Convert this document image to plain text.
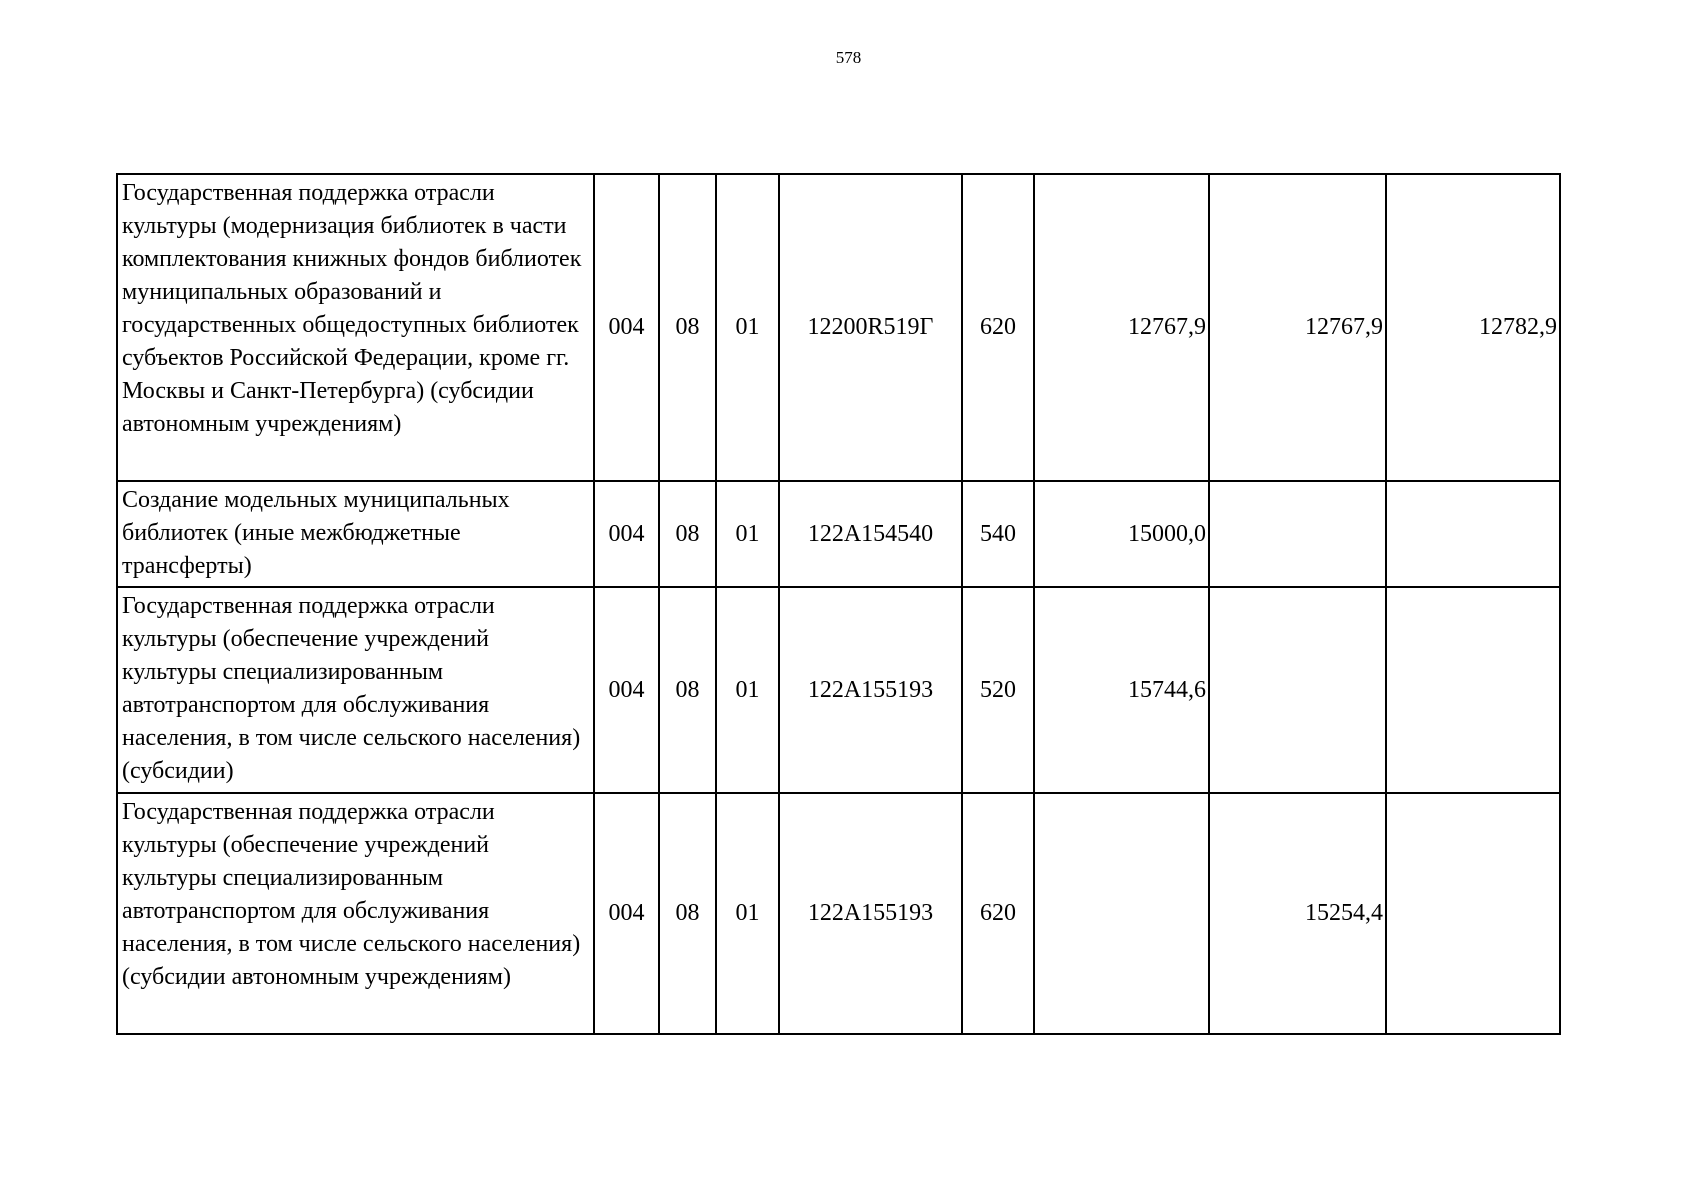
578
Государственная поддержка отрасли культуры (модернизация библиотек в части комплектования книжных фондов библиотек муниципальных образований и государственных общедоступных библиотек субъектов Российской Федерации, кроме гг. Москвы и Санкт-Петербурга) (субсидии автономным учреждениям)	004	08	01	12200R519Г	620	12767,9	12767,9	12782,9
Создание модельных муниципальных библиотек (иные межбюджетные трансферты)	004	08	01	122A154540	540	15000,0		
Государственная поддержка отрасли культуры (обеспечение учреждений культуры специализированным автотранспортом для обслуживания населения, в том числе сельского населения) (субсидии)	004	08	01	122A155193	520	15744,6		
Государственная поддержка отрасли культуры (обеспечение учреждений культуры специализированным автотранспортом для обслуживания населения, в том числе сельского населения) (субсидии автономным учреждениям)	004	08	01	122A155193	620		15254,4	
